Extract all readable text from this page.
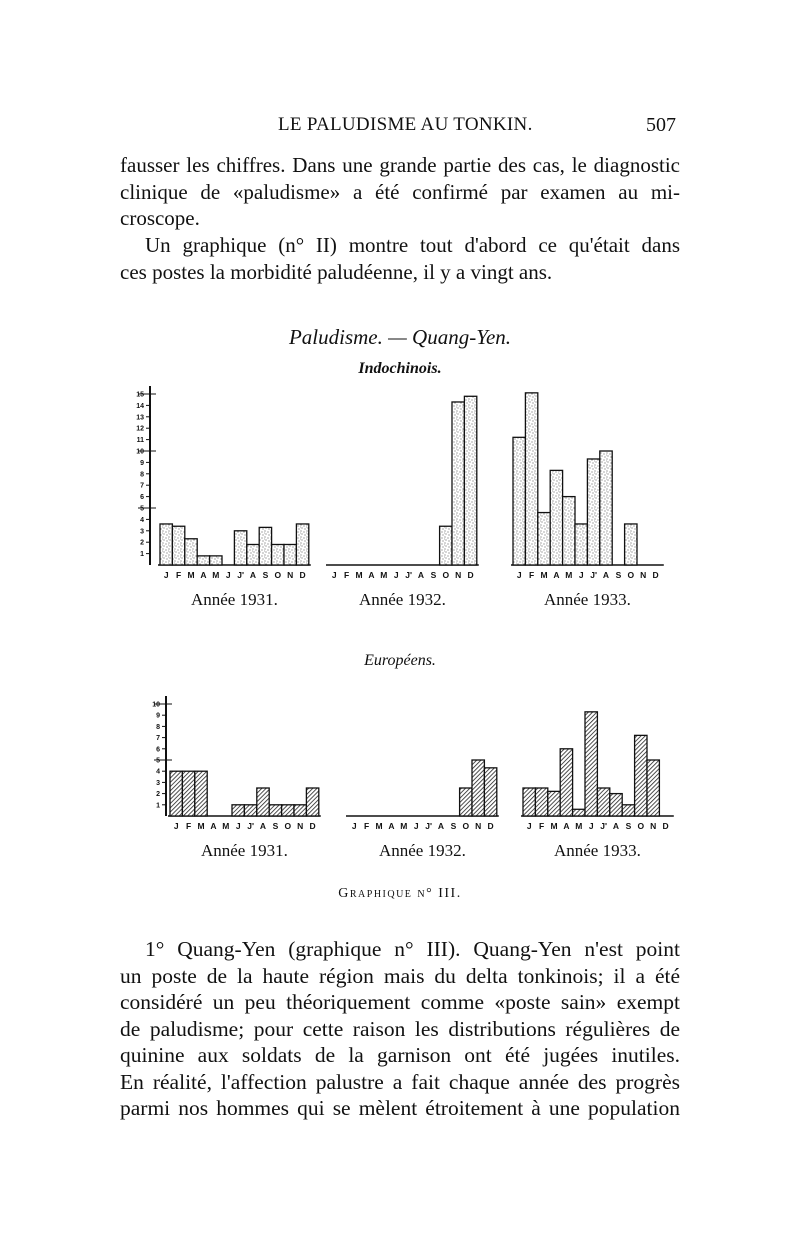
LE PALUDISME AU TONKIN.	507
fausser les chiffres. Dans une grande partie des cas, le diagnostic
clinique de «paludisme» a été confirmé par examen au mi-
croscope.
Un graphique (n° II) montre tout d'abord ce qu'était dans
ces postes la morbidité paludéenne, il y a vingt ans.
Paludisme. — Quang-Yen.
Indochinois.
1
2
3
4
5
6
7
8
9
10
11
12
13
14
15
J F M A M J J' A S O N D
Année 1931.
J F M A M J J' A S O N D
Année 1932.
J F M A M J J' A S O N D
Année 1933.
Européens.
1
2
3
4
5
6
7
8
9
10
J F M A M J J' A S O N D
Année 1931.
J F M A M J J' A S O N D
Année 1932.
J F M A M J J' A S O N D
Année 1933.
Graphique n° III.
1° Quang-Yen (graphique n° III). Quang-Yen n'est point
un poste de la haute région mais du delta tonkinois; il a été
considéré un peu théoriquement comme «poste sain» exempt
de paludisme; pour cette raison les distributions régulières de
quinine aux soldats de la garnison ont été jugées inutiles.
En réalité, l'affection palustre a fait chaque année des progrès
parmi nos hommes qui se mèlent étroitement à une population
